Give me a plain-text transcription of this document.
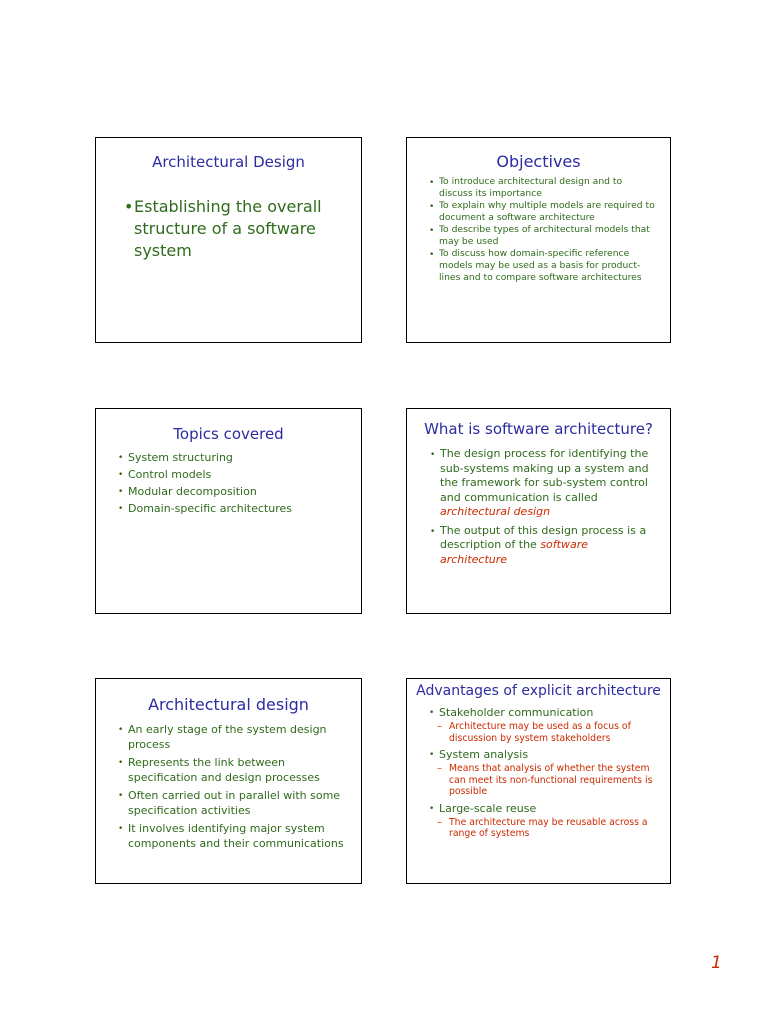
Architectural Design
• Establishing the overall structure of a software system
Objectives
• To introduce architectural design and to discuss its importance
• To explain why multiple models are required to document a software architecture
• To describe types of architectural models that may be used
• To discuss how domain-specific reference models may be used as a basis for product-lines and to compare software architectures
Topics covered
• System structuring
• Control models
• Modular decomposition
• Domain-specific architectures
What is software architecture?
• The design process for identifying the sub-systems making up a system and the framework for sub-system control and communication is called architectural design
• The output of this design process is a description of the software architecture
Architectural design
• An early stage of the system design process
• Represents the link between specification and design processes
• Often carried out in parallel with some specification activities
• It involves identifying major system components and their communications
Advantages of explicit architecture
• Stakeholder communication
– Architecture may be used as a focus of discussion by system stakeholders
• System analysis
– Means that analysis of whether the system can meet its non-functional requirements is possible
• Large-scale reuse
– The architecture may be reusable across a range of systems
1
